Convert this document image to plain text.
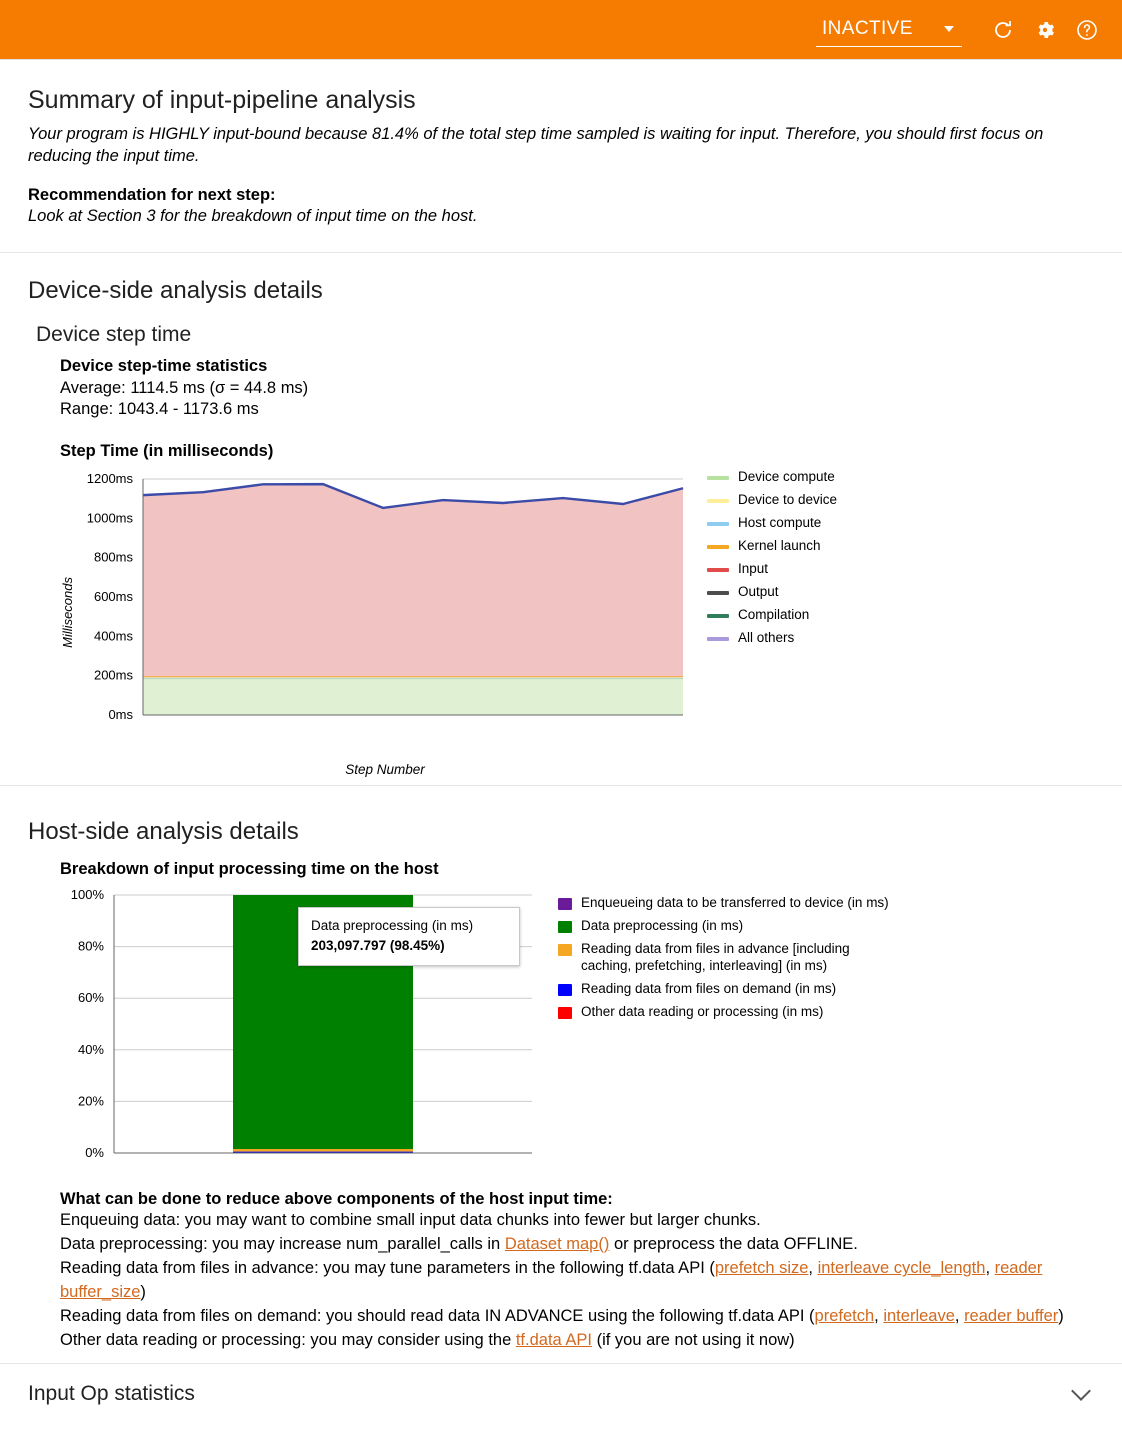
INACTIVE
Summary of input-pipeline analysis

Your program is HIGHLY input-bound because 81.4% of the total step time sampled is waiting for input. Therefore, you should first focus on reducing the input time.

Recommendation for next step:

Look at Section 3 for the breakdown of input time on the host.

Device-side analysis details
Device step time

Device step-time statistics

Average: 1114.5 ms (σ = 44.8 ms)

Range: 1043.4 - 1173.6 ms

Step Time (in milliseconds)

Milliseconds
0ms
200ms
400ms
600ms
800ms
1000ms
1200ms
Step Number
Device compute
Device to device
Host compute
Kernel launch
Input
Output
Compilation
All others
Host-side analysis details

Breakdown of input processing time on the host

0%
20%
40%
60%
80%
100%
Data preprocessing (in ms)
203,097.797 (98.45%)
Enqueueing data to be transferred to device (in ms)
Data preprocessing (in ms)
Reading data from files in advance [including caching, prefetching, interleaving] (in ms)
Reading data from files on demand (in ms)
Other data reading or processing (in ms)

What can be done to reduce above components of the host input time:

Enqueuing data: you may want to combine small input data chunks into fewer but larger chunks.

Data preprocessing: you may increase num_parallel_calls in Dataset map() or preprocess the data OFFLINE.

Reading data from files in advance: you may tune parameters in the following tf.data API (prefetch size, interleave cycle_length, reader buffer_size)

Reading data from files on demand: you should read data IN ADVANCE using the following tf.data API (prefetch, interleave, reader buffer)

Other data reading or processing: you may consider using the tf.data API (if you are not using it now)

Input Op statistics
